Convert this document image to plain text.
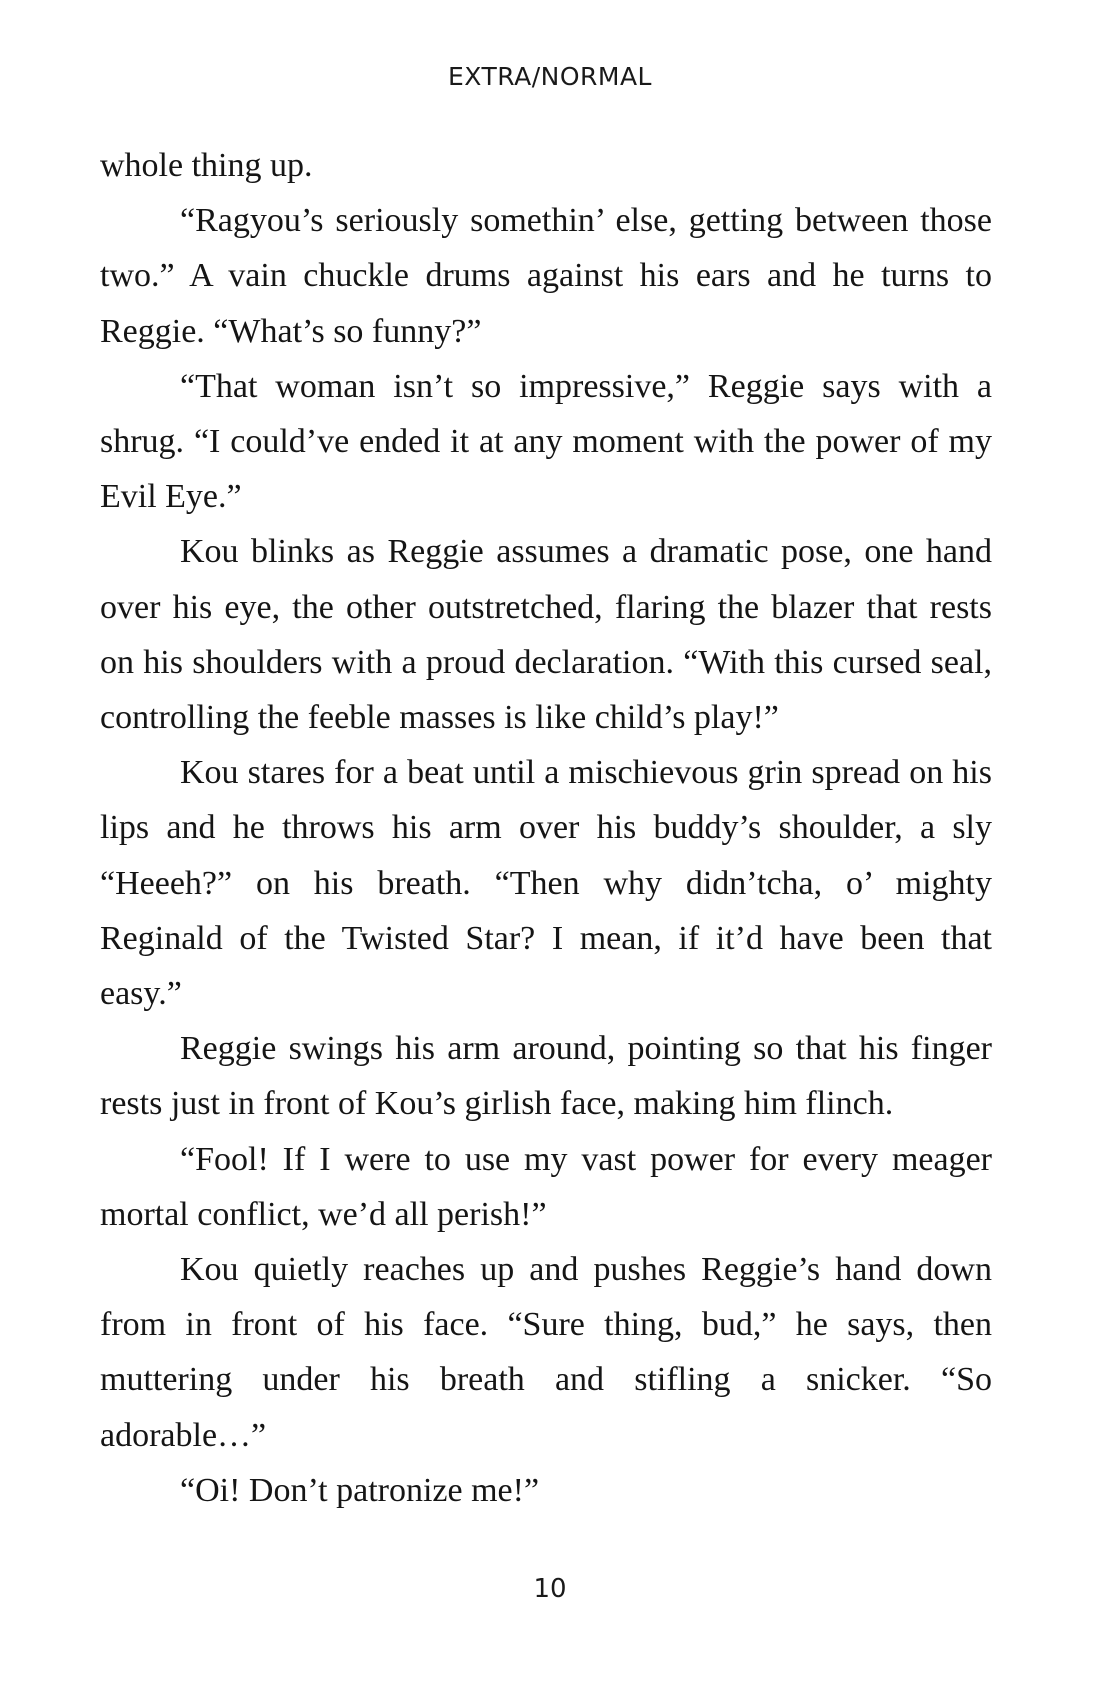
EXTRA/NORMAL

whole thing up.

“Ragyou’s seriously somethin’ else, getting between those two.” A vain chuckle drums against his ears and he turns to Reggie. “What’s so funny?”

“That woman isn’t so impressive,” Reggie says with a shrug. “I could’ve ended it at any moment with the power of my Evil Eye.”

Kou blinks as Reggie assumes a dramatic pose, one hand over his eye, the other outstretched, flaring the blazer that rests on his shoulders with a proud declaration. “With this cursed seal, controlling the feeble masses is like child’s play!”

Kou stares for a beat until a mischievous grin spread on his lips and he throws his arm over his buddy’s shoulder, a sly “Heeeh?” on his breath. “Then why didn’tcha, o’ mighty Reginald of the Twisted Star? I mean, if it’d have been that easy.”

Reggie swings his arm around, pointing so that his finger rests just in front of Kou’s girlish face, making him flinch.

“Fool! If I were to use my vast power for every meager mortal conflict, we’d all perish!”

Kou quietly reaches up and pushes Reggie’s hand down from in front of his face. “Sure thing, bud,” he says, then muttering under his breath and stifling a snicker. “So adorable…”

“Oi! Don’t patronize me!”

10
